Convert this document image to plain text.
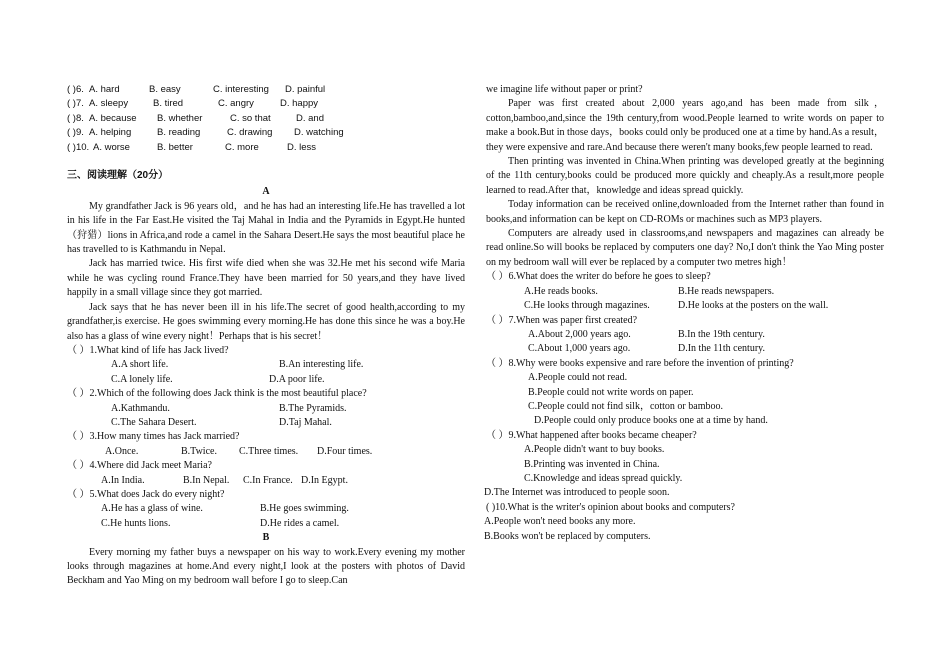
( )6. A. hard	B. easy	C. interesting D. painful
( )7. A. sleepy	B. tired	C. angry	D. happy
( )8. A. because B. whether	C. so that	D. and
( )9. A. helping	B. reading	C. drawing D. watching
( )10. A. worse	B. better	C. more	D. less
三、阅读理解（20分）
A

My grandfather Jack is 96 years old，and he has had an interesting life.He has travelled a lot in his life in the Far East.He visited the Taj Mahal in India and the Pyramids in Egypt.He hunted（狩猎）lions in Africa,and rode a camel in the Sahara Desert.He says the most beautiful place he has travelled to is Kathmandu in Nepal.

Jack has married twice. His first wife died when she was 32.He met his second wife Maria while he was cycling round France.They have been married for 50 years,and they have lived happily in a small village since they got married.

Jack says that he has never been ill in his life.The secret of good health,according to my grandfather,is exercise. He goes swimming every morning.He has done this since he was a boy.He also has a glass of wine every night！Perhaps that is his secret！

（ ）1.What kind of life has Jack lived?
A.A short life.	B.An interesting life.
C.A lonely life.	D.A poor life.
（ ）2.Which of the following does Jack think is the most beautiful place?
A.Kathmandu.	B.The Pyramids.
C.The Sahara Desert.	D.Taj Mahal.
（ ）3.How many times has Jack married?
A.Once.	B.Twice. C.Three times. D.Four times.
（ ）4.Where did Jack meet Maria?
A.In India.	B.In Nepal. C.In France. D.In Egypt.
（ ）5.What does Jack do every night?
A.He has a glass of wine.	B.He goes swimming.
C.He hunts lions.	D.He rides a camel.
B

Every morning my father buys a newspaper on his way to work.Every evening my mother looks through magazines at home.And every night,I look at the posters with photos of David Beckham and Yao Ming on my bedroom wall before I go to sleep.Can

we imagine life without paper or print?

Paper was first created about 2,000 years ago,and has been made from silk，cotton,bamboo,and,since the 19th century,from wood.People learned to write words on paper to make a book.But in those days，books could only be produced one at a time by hand.As a result，they were expensive and rare.And because there weren't many books,few people learned to read.

Then printing was invented in China.When printing was developed greatly at the beginning of the 11th century,books could be produced more quickly and cheaply.As a result,more people learned to read.After that，knowledge and ideas spread quickly.

Today information can be received online,downloaded from the Internet rather than found in books,and information can be kept on CD-ROMs or machines such as MP3 players.

Computers are already used in classrooms,and newspapers and magazines can already be read online.So will books be replaced by computers one day? No,I don't think the Yao Ming poster on my bedroom wall will ever be replaced by a computer two metres high！

（ ）6.What does the writer do before he goes to sleep?
A.He reads books.	B.He reads newspapers.
C.He looks through magazines.	D.He looks at the posters on the wall.
（ ）7.When was paper first created?
A.About 2,000 years ago.	B.In the 19th century.
C.About 1,000 years ago.	D.In the 11th century.
（ ）8.Why were books expensive and rare before the invention of printing?
A.People could not read.
B.People could not write words on paper.
C.People could not find silk，cotton or bamboo.
D.People could only produce books one at a time by hand.
（ ）9.What happened after books became cheaper?
A.People didn't want to buy books.
B.Printing was invented in China.
C.Knowledge and ideas spread quickly.
D.The Internet was introduced to people soon.
( )10.What is the writer's opinion about books and computers?
A.People won't need books any more.
B.Books won't be replaced by computers.
